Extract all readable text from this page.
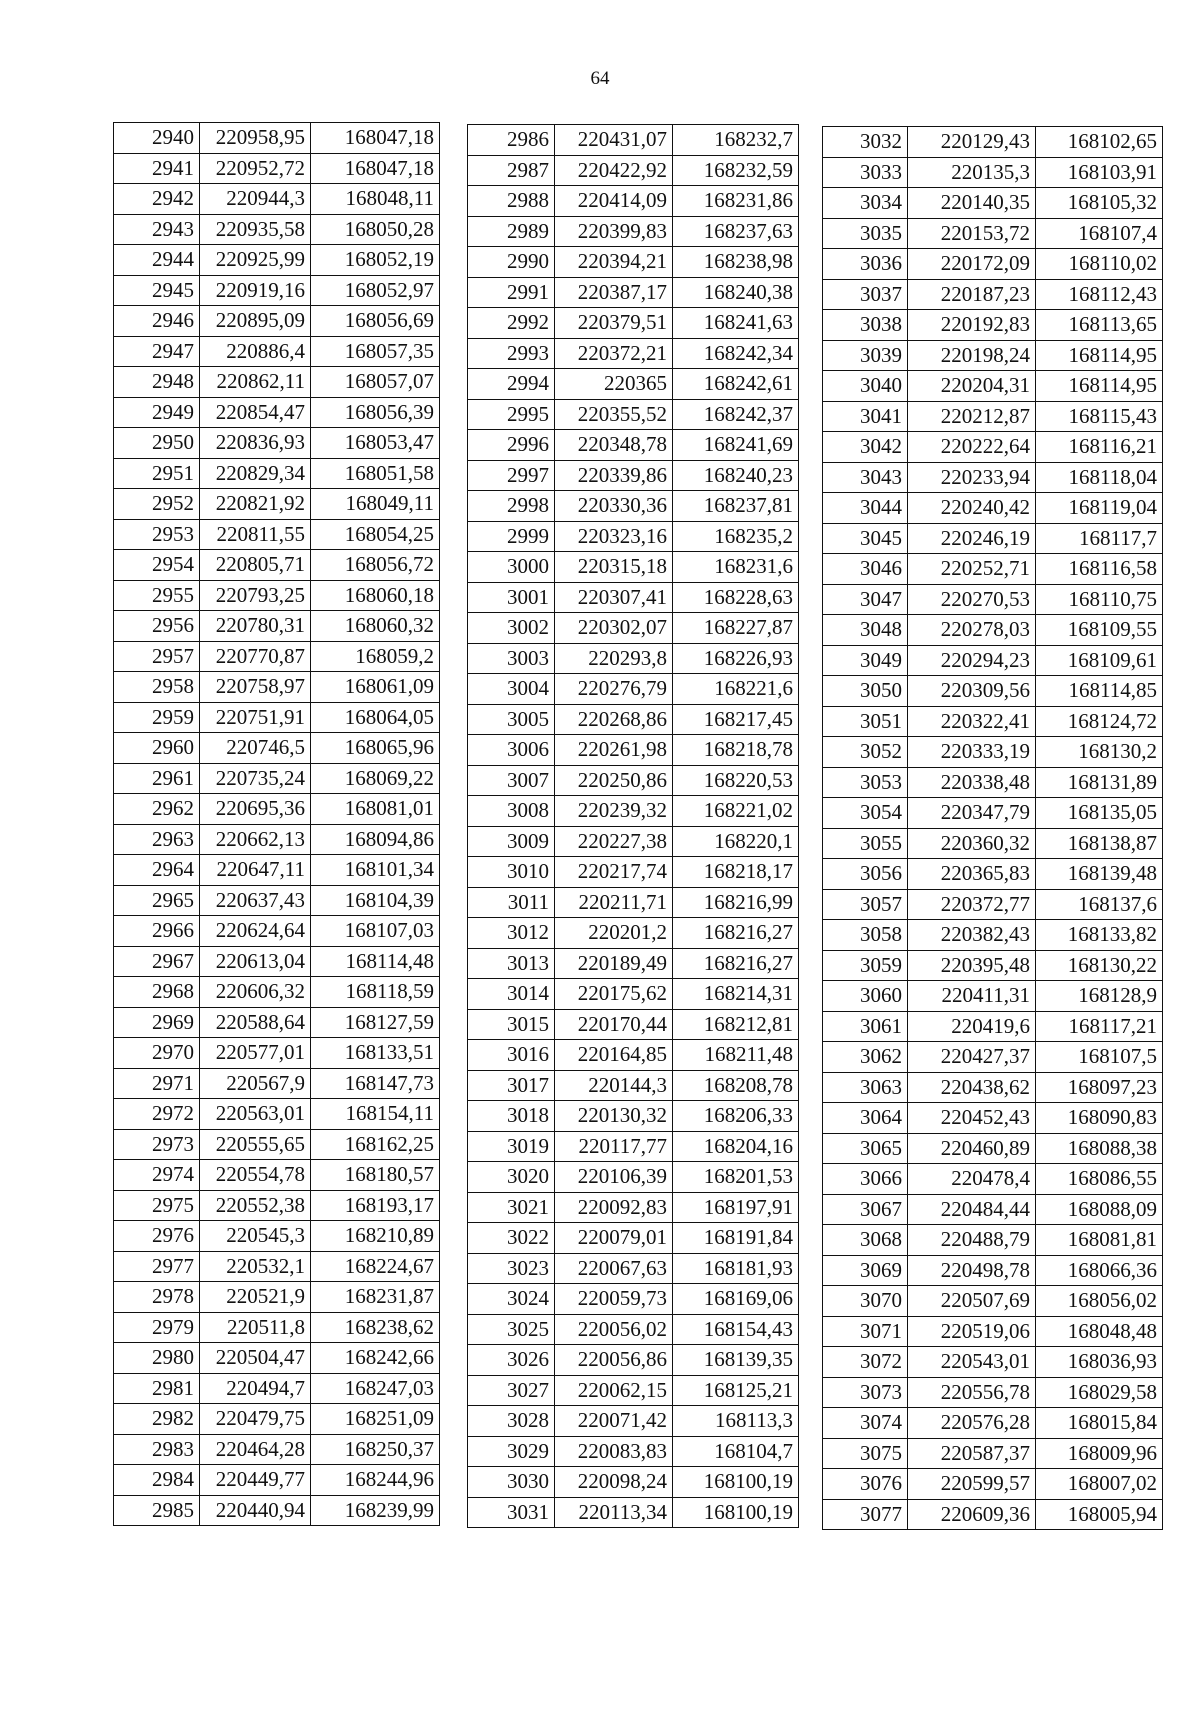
64
2940	220958,95	168047,18
2941	220952,72	168047,18
2942	220944,3	168048,11
2943	220935,58	168050,28
2944	220925,99	168052,19
2945	220919,16	168052,97
2946	220895,09	168056,69
2947	220886,4	168057,35
2948	220862,11	168057,07
2949	220854,47	168056,39
2950	220836,93	168053,47
2951	220829,34	168051,58
2952	220821,92	168049,11
2953	220811,55	168054,25
2954	220805,71	168056,72
2955	220793,25	168060,18
2956	220780,31	168060,32
2957	220770,87	168059,2
2958	220758,97	168061,09
2959	220751,91	168064,05
2960	220746,5	168065,96
2961	220735,24	168069,22
2962	220695,36	168081,01
2963	220662,13	168094,86
2964	220647,11	168101,34
2965	220637,43	168104,39
2966	220624,64	168107,03
2967	220613,04	168114,48
2968	220606,32	168118,59
2969	220588,64	168127,59
2970	220577,01	168133,51
2971	220567,9	168147,73
2972	220563,01	168154,11
2973	220555,65	168162,25
2974	220554,78	168180,57
2975	220552,38	168193,17
2976	220545,3	168210,89
2977	220532,1	168224,67
2978	220521,9	168231,87
2979	220511,8	168238,62
2980	220504,47	168242,66
2981	220494,7	168247,03
2982	220479,75	168251,09
2983	220464,28	168250,37
2984	220449,77	168244,96
2985	220440,94	168239,99
2986	220431,07	168232,7
2987	220422,92	168232,59
2988	220414,09	168231,86
2989	220399,83	168237,63
2990	220394,21	168238,98
2991	220387,17	168240,38
2992	220379,51	168241,63
2993	220372,21	168242,34
2994	220365	168242,61
2995	220355,52	168242,37
2996	220348,78	168241,69
2997	220339,86	168240,23
2998	220330,36	168237,81
2999	220323,16	168235,2
3000	220315,18	168231,6
3001	220307,41	168228,63
3002	220302,07	168227,87
3003	220293,8	168226,93
3004	220276,79	168221,6
3005	220268,86	168217,45
3006	220261,98	168218,78
3007	220250,86	168220,53
3008	220239,32	168221,02
3009	220227,38	168220,1
3010	220217,74	168218,17
3011	220211,71	168216,99
3012	220201,2	168216,27
3013	220189,49	168216,27
3014	220175,62	168214,31
3015	220170,44	168212,81
3016	220164,85	168211,48
3017	220144,3	168208,78
3018	220130,32	168206,33
3019	220117,77	168204,16
3020	220106,39	168201,53
3021	220092,83	168197,91
3022	220079,01	168191,84
3023	220067,63	168181,93
3024	220059,73	168169,06
3025	220056,02	168154,43
3026	220056,86	168139,35
3027	220062,15	168125,21
3028	220071,42	168113,3
3029	220083,83	168104,7
3030	220098,24	168100,19
3031	220113,34	168100,19
3032	220129,43	168102,65
3033	220135,3	168103,91
3034	220140,35	168105,32
3035	220153,72	168107,4
3036	220172,09	168110,02
3037	220187,23	168112,43
3038	220192,83	168113,65
3039	220198,24	168114,95
3040	220204,31	168114,95
3041	220212,87	168115,43
3042	220222,64	168116,21
3043	220233,94	168118,04
3044	220240,42	168119,04
3045	220246,19	168117,7
3046	220252,71	168116,58
3047	220270,53	168110,75
3048	220278,03	168109,55
3049	220294,23	168109,61
3050	220309,56	168114,85
3051	220322,41	168124,72
3052	220333,19	168130,2
3053	220338,48	168131,89
3054	220347,79	168135,05
3055	220360,32	168138,87
3056	220365,83	168139,48
3057	220372,77	168137,6
3058	220382,43	168133,82
3059	220395,48	168130,22
3060	220411,31	168128,9
3061	220419,6	168117,21
3062	220427,37	168107,5
3063	220438,62	168097,23
3064	220452,43	168090,83
3065	220460,89	168088,38
3066	220478,4	168086,55
3067	220484,44	168088,09
3068	220488,79	168081,81
3069	220498,78	168066,36
3070	220507,69	168056,02
3071	220519,06	168048,48
3072	220543,01	168036,93
3073	220556,78	168029,58
3074	220576,28	168015,84
3075	220587,37	168009,96
3076	220599,57	168007,02
3077	220609,36	168005,94
